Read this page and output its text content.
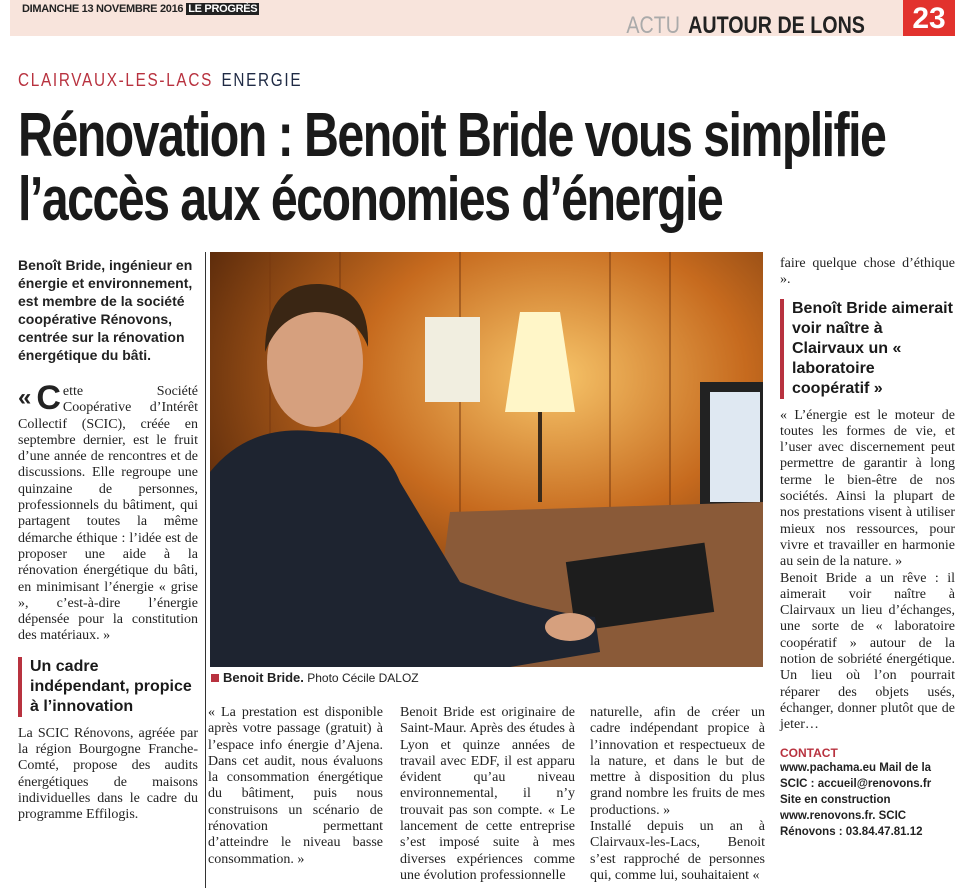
DIMANCHE 13 NOVEMBRE 2016 LE PROGRÈS
ACTU AUTOUR DE LONS	23
CLAIRVAUX-LES-LACS ENERGIE
Rénovation : Benoit Bride vous simplifie
l’accès aux économies d’énergie
Benoît Bride, ingénieur en énergie et environnement, est membre de la société coopérative Rénovons, centrée sur la rénovation énergétique du bâti.

« C ette Société Coopérative d’Intérêt Collectif (SCIC), créée en septembre dernier, est le fruit d’une année de rencontres et de discussions. Elle regroupe une quinzaine de personnes, professionnels du bâtiment, qui partagent toutes la même démarche éthique : l’idée est de proposer une aide à la rénovation énergétique du bâti, en minimisant l’énergie « grise », c’est-à-dire l’énergie dépensée pour la constitution des matériaux. »

Un cadre indépendant, propice à l’innovation

La SCIC Rénovons, agréée par la région Bourgogne Franche-Comté, propose des audits énergétiques de maisons individuelles dans le cadre du programme Effilogis.

Benoit Bride. Photo Cécile DALOZ

« La prestation est disponible après votre passage (gratuit) à l’espace info énergie d’Ajena. Dans cet audit, nous évaluons la consommation énergétique du bâtiment, puis nous construisons un scénario de rénovation permettant d’atteindre le niveau basse consommation. »

Benoit Bride est originaire de Saint-Maur. Après des études à Lyon et quinze années de travail avec EDF, il est apparu évident qu’au niveau environnemental, il n’y trouvait pas son compte. « Le lancement de cette entreprise s’est imposé suite à mes diverses expériences comme une évolution professionnelle

naturelle, afin de créer un cadre indépendant propice à l’innovation et respectueux de la nature, et dans le but de mettre à disposition du plus grand nombre les fruits de mes productions. »

Installé depuis un an à Clairvaux-les-Lacs, Benoit s’est rapproché de personnes qui, comme lui, souhaitaient «

faire quelque chose d’éthique ».

Benoît Bride aimerait voir naître à Clairvaux un « laboratoire coopératif »

« L’énergie est le moteur de toutes les formes de vie, et l’user avec discernement peut permettre de garantir à long terme le bien-être de nos sociétés. Ainsi la plupart de nos prestations visent à utiliser mieux nos ressources, pour vivre et travailler en harmonie au sein de la nature. »

Benoit Bride a un rêve : il aimerait voir naître à Clairvaux un lieu d’échanges, une sorte de « laboratoire coopératif » autour de la notion de sobriété énergétique. Un lieu où l’on pourrait réparer des objets usés, échanger, donner plutôt que de jeter…

CONTACT
www.pachama.eu Mail de la SCIC : accueil@renovons.fr Site en construction www.renovons.fr. SCIC Rénovons : 03.84.47.81.12
